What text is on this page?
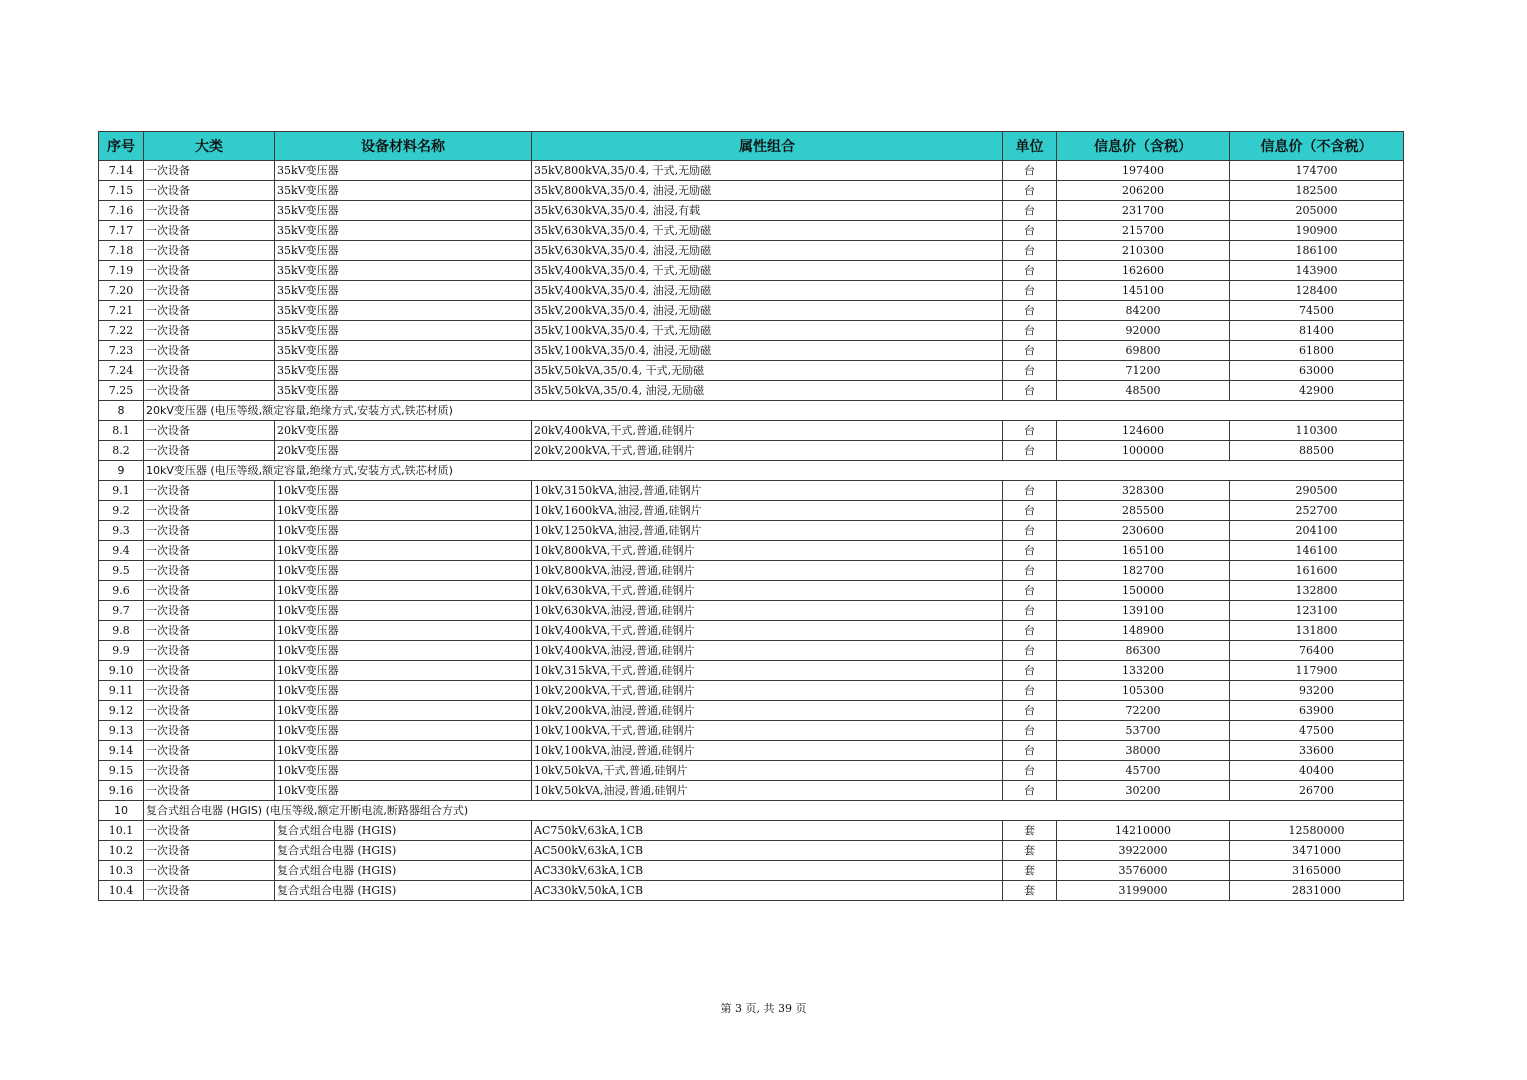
序号	大类	设备材料名称	属性组合	单位	信息价（含税）	信息价（不含税）
7.14	一次设备	35kV变压器	35kV,800kVA,35/0.4, 干式,无励磁	台	197400	174700
7.15	一次设备	35kV变压器	35kV,800kVA,35/0.4, 油浸,无励磁	台	206200	182500
7.16	一次设备	35kV变压器	35kV,630kVA,35/0.4, 油浸,有载	台	231700	205000
7.17	一次设备	35kV变压器	35kV,630kVA,35/0.4, 干式,无励磁	台	215700	190900
7.18	一次设备	35kV变压器	35kV,630kVA,35/0.4, 油浸,无励磁	台	210300	186100
7.19	一次设备	35kV变压器	35kV,400kVA,35/0.4, 干式,无励磁	台	162600	143900
7.20	一次设备	35kV变压器	35kV,400kVA,35/0.4, 油浸,无励磁	台	145100	128400
7.21	一次设备	35kV变压器	35kV,200kVA,35/0.4, 油浸,无励磁	台	84200	74500
7.22	一次设备	35kV变压器	35kV,100kVA,35/0.4, 干式,无励磁	台	92000	81400
7.23	一次设备	35kV变压器	35kV,100kVA,35/0.4, 油浸,无励磁	台	69800	61800
7.24	一次设备	35kV变压器	35kV,50kVA,35/0.4, 干式,无励磁	台	71200	63000
7.25	一次设备	35kV变压器	35kV,50kVA,35/0.4, 油浸,无励磁	台	48500	42900
8	20kV变压器 (电压等级,额定容量,绝缘方式,安装方式,铁芯材质)					
8.1	一次设备	20kV变压器	20kV,400kVA,干式,普通,硅钢片	台	124600	110300
8.2	一次设备	20kV变压器	20kV,200kVA,干式,普通,硅钢片	台	100000	88500
9	10kV变压器 (电压等级,额定容量,绝缘方式,安装方式,铁芯材质)					
9.1	一次设备	10kV变压器	10kV,3150kVA,油浸,普通,硅钢片	台	328300	290500
9.2	一次设备	10kV变压器	10kV,1600kVA,油浸,普通,硅钢片	台	285500	252700
9.3	一次设备	10kV变压器	10kV,1250kVA,油浸,普通,硅钢片	台	230600	204100
9.4	一次设备	10kV变压器	10kV,800kVA,干式,普通,硅钢片	台	165100	146100
9.5	一次设备	10kV变压器	10kV,800kVA,油浸,普通,硅钢片	台	182700	161600
9.6	一次设备	10kV变压器	10kV,630kVA,干式,普通,硅钢片	台	150000	132800
9.7	一次设备	10kV变压器	10kV,630kVA,油浸,普通,硅钢片	台	139100	123100
9.8	一次设备	10kV变压器	10kV,400kVA,干式,普通,硅钢片	台	148900	131800
9.9	一次设备	10kV变压器	10kV,400kVA,油浸,普通,硅钢片	台	86300	76400
9.10	一次设备	10kV变压器	10kV,315kVA,干式,普通,硅钢片	台	133200	117900
9.11	一次设备	10kV变压器	10kV,200kVA,干式,普通,硅钢片	台	105300	93200
9.12	一次设备	10kV变压器	10kV,200kVA,油浸,普通,硅钢片	台	72200	63900
9.13	一次设备	10kV变压器	10kV,100kVA,干式,普通,硅钢片	台	53700	47500
9.14	一次设备	10kV变压器	10kV,100kVA,油浸,普通,硅钢片	台	38000	33600
9.15	一次设备	10kV变压器	10kV,50kVA,干式,普通,硅钢片	台	45700	40400
9.16	一次设备	10kV变压器	10kV,50kVA,油浸,普通,硅钢片	台	30200	26700
10	复合式组合电器 (HGIS) (电压等级,额定开断电流,断路器组合方式)					
10.1	一次设备	复合式组合电器 (HGIS)	AC750kV,63kA,1CB	套	14210000	12580000
10.2	一次设备	复合式组合电器 (HGIS)	AC500kV,63kA,1CB	套	3922000	3471000
10.3	一次设备	复合式组合电器 (HGIS)	AC330kV,63kA,1CB	套	3576000	3165000
10.4	一次设备	复合式组合电器 (HGIS)	AC330kV,50kA,1CB	套	3199000	2831000
第 3 页, 共 39 页
